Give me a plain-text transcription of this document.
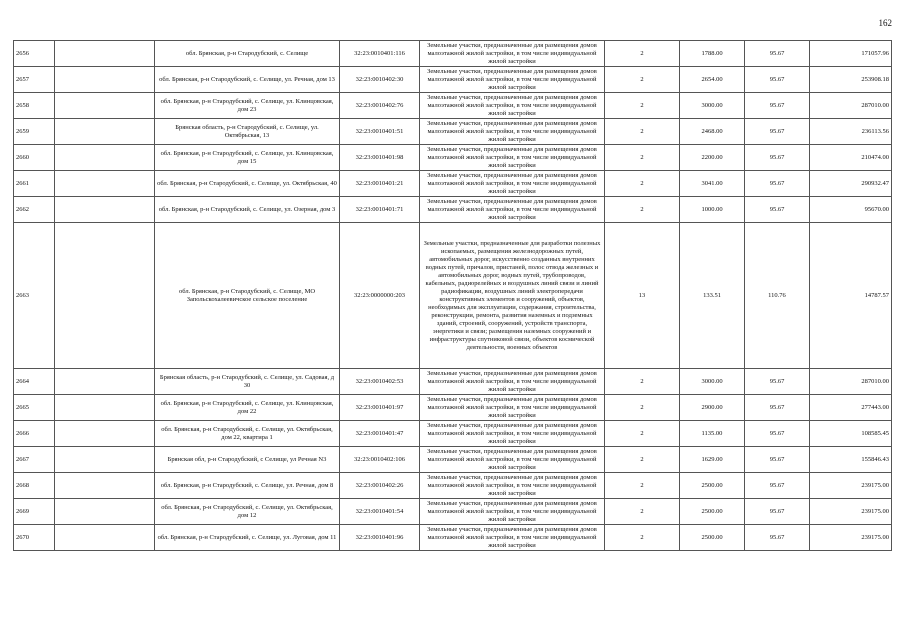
162
2656		обл. Брянская, р-н Стародубский, с. Селище	32:23:0010401:116	Земельные участки, предназначенные для размещения домов малоэтажной жилой застройки, в том числе индивидуальной жилой застройки	2	1788.00	95.67	171057.96
2657		обл. Брянская, р-н Стародубский, с. Селище, ул. Речная, дом 13	32:23:0010402:30	Земельные участки, предназначенные для размещения домов малоэтажной жилой застройки, в том числе индивидуальной жилой застройки	2	2654.00	95.67	253908.18
2658		обл. Брянская, р-н Стародубский, с. Селище, ул. Клинцовская, дом 23	32:23:0010402:76	Земельные участки, предназначенные для размещения домов малоэтажной жилой застройки, в том числе индивидуальной жилой застройки	2	3000.00	95.67	287010.00
2659		Брянская область, р-н Стародубский, с. Селище, ул. Октябрьская, 13	32:23:0010401:51	Земельные участки, предназначенные для размещения домов малоэтажной жилой застройки, в том числе индивидуальной жилой застройки	2	2468.00	95.67	236113.56
2660		обл. Брянская, р-н Стародубский, с. Селище, ул. Клинцовская, дом 15	32:23:0010401:98	Земельные участки, предназначенные для размещения домов малоэтажной жилой застройки, в том числе индивидуальной жилой застройки	2	2200.00	95.67	210474.00
2661		обл. Брянская, р-н Стародубский, с. Селище, ул. Октябрьская, 40	32:23:0010401:21	Земельные участки, предназначенные для размещения домов малоэтажной жилой застройки, в том числе индивидуальной жилой застройки	2	3041.00	95.67	290932.47
2662		обл. Брянская, р-н Стародубский, с. Селище, ул. Озерная, дом 3	32:23:0010401:71	Земельные участки, предназначенные для размещения домов малоэтажной жилой застройки, в том числе индивидуальной жилой застройки	2	1000.00	95.67	95670.00
2663		обл. Брянская, р-н Стародубский, с. Селище, МО Запольскохалеевичское сельское поселение	32:23:0000000:203	Земельные участки, предназначенные для разработки полезных ископаемых, размещения железнодорожных путей, автомобильных дорог, искусственно созданных внутренних водных путей, причалов, пристаней, полос отвода железных и автомобильных дорог, водных путей, трубопроводов, кабельных, радиорелейных и воздушных линий связи и линий радиофикации, воздушных линий электропередачи конструктивных элементов и сооружений, объектов, необходимых для эксплуатации, содержания, строительства, реконструкции, ремонта, развития наземных и подземных зданий, строений, сооружений, устройств транспорта, энергетики и связи; размещения наземных сооружений и инфраструктуры спутниковой связи, объектов космической деятельности, военных объектов	13	133.51	110.76	14787.57
2664		Брянская область, р-н Стародубский, с. Селище, ул. Садовая, д 30	32:23:0010402:53	Земельные участки, предназначенные для размещения домов малоэтажной жилой застройки, в том числе индивидуальной жилой застройки	2	3000.00	95.67	287010.00
2665		обл. Брянская, р-н Стародубский, с. Селище, ул. Клинцовская, дом 22	32:23:0010401:97	Земельные участки, предназначенные для размещения домов малоэтажной жилой застройки, в том числе индивидуальной жилой застройки	2	2900.00	95.67	277443.00
2666		обл. Брянская, р-н Стародубский, с. Селище, ул. Октябрьская, дом 22, квартира 1	32:23:0010401:47	Земельные участки, предназначенные для размещения домов малоэтажной жилой застройки, в том числе индивидуальной жилой застройки	2	1135.00	95.67	108585.45
2667		Брянская обл, р-н Стародубский, с Селище, ул Речная N3	32:23:0010402:106	Земельные участки, предназначенные для размещения домов малоэтажной жилой застройки, в том числе индивидуальной жилой застройки	2	1629.00	95.67	155846.43
2668		обл. Брянская, р-н Стародубский, с. Селище, ул. Речная, дом 8	32:23:0010402:26	Земельные участки, предназначенные для размещения домов малоэтажной жилой застройки, в том числе индивидуальной жилой застройки	2	2500.00	95.67	239175.00
2669		обл. Брянская, р-н Стародубский, с. Селище, ул. Октябрьская, дом 12	32:23:0010401:54	Земельные участки, предназначенные для размещения домов малоэтажной жилой застройки, в том числе индивидуальной жилой застройки	2	2500.00	95.67	239175.00
2670		обл. Брянская, р-н Стародубский, с. Селище, ул. Луговая, дом 11	32:23:0010401:96	Земельные участки, предназначенные для размещения домов малоэтажной жилой застройки, в том числе индивидуальной жилой застройки	2	2500.00	95.67	239175.00
